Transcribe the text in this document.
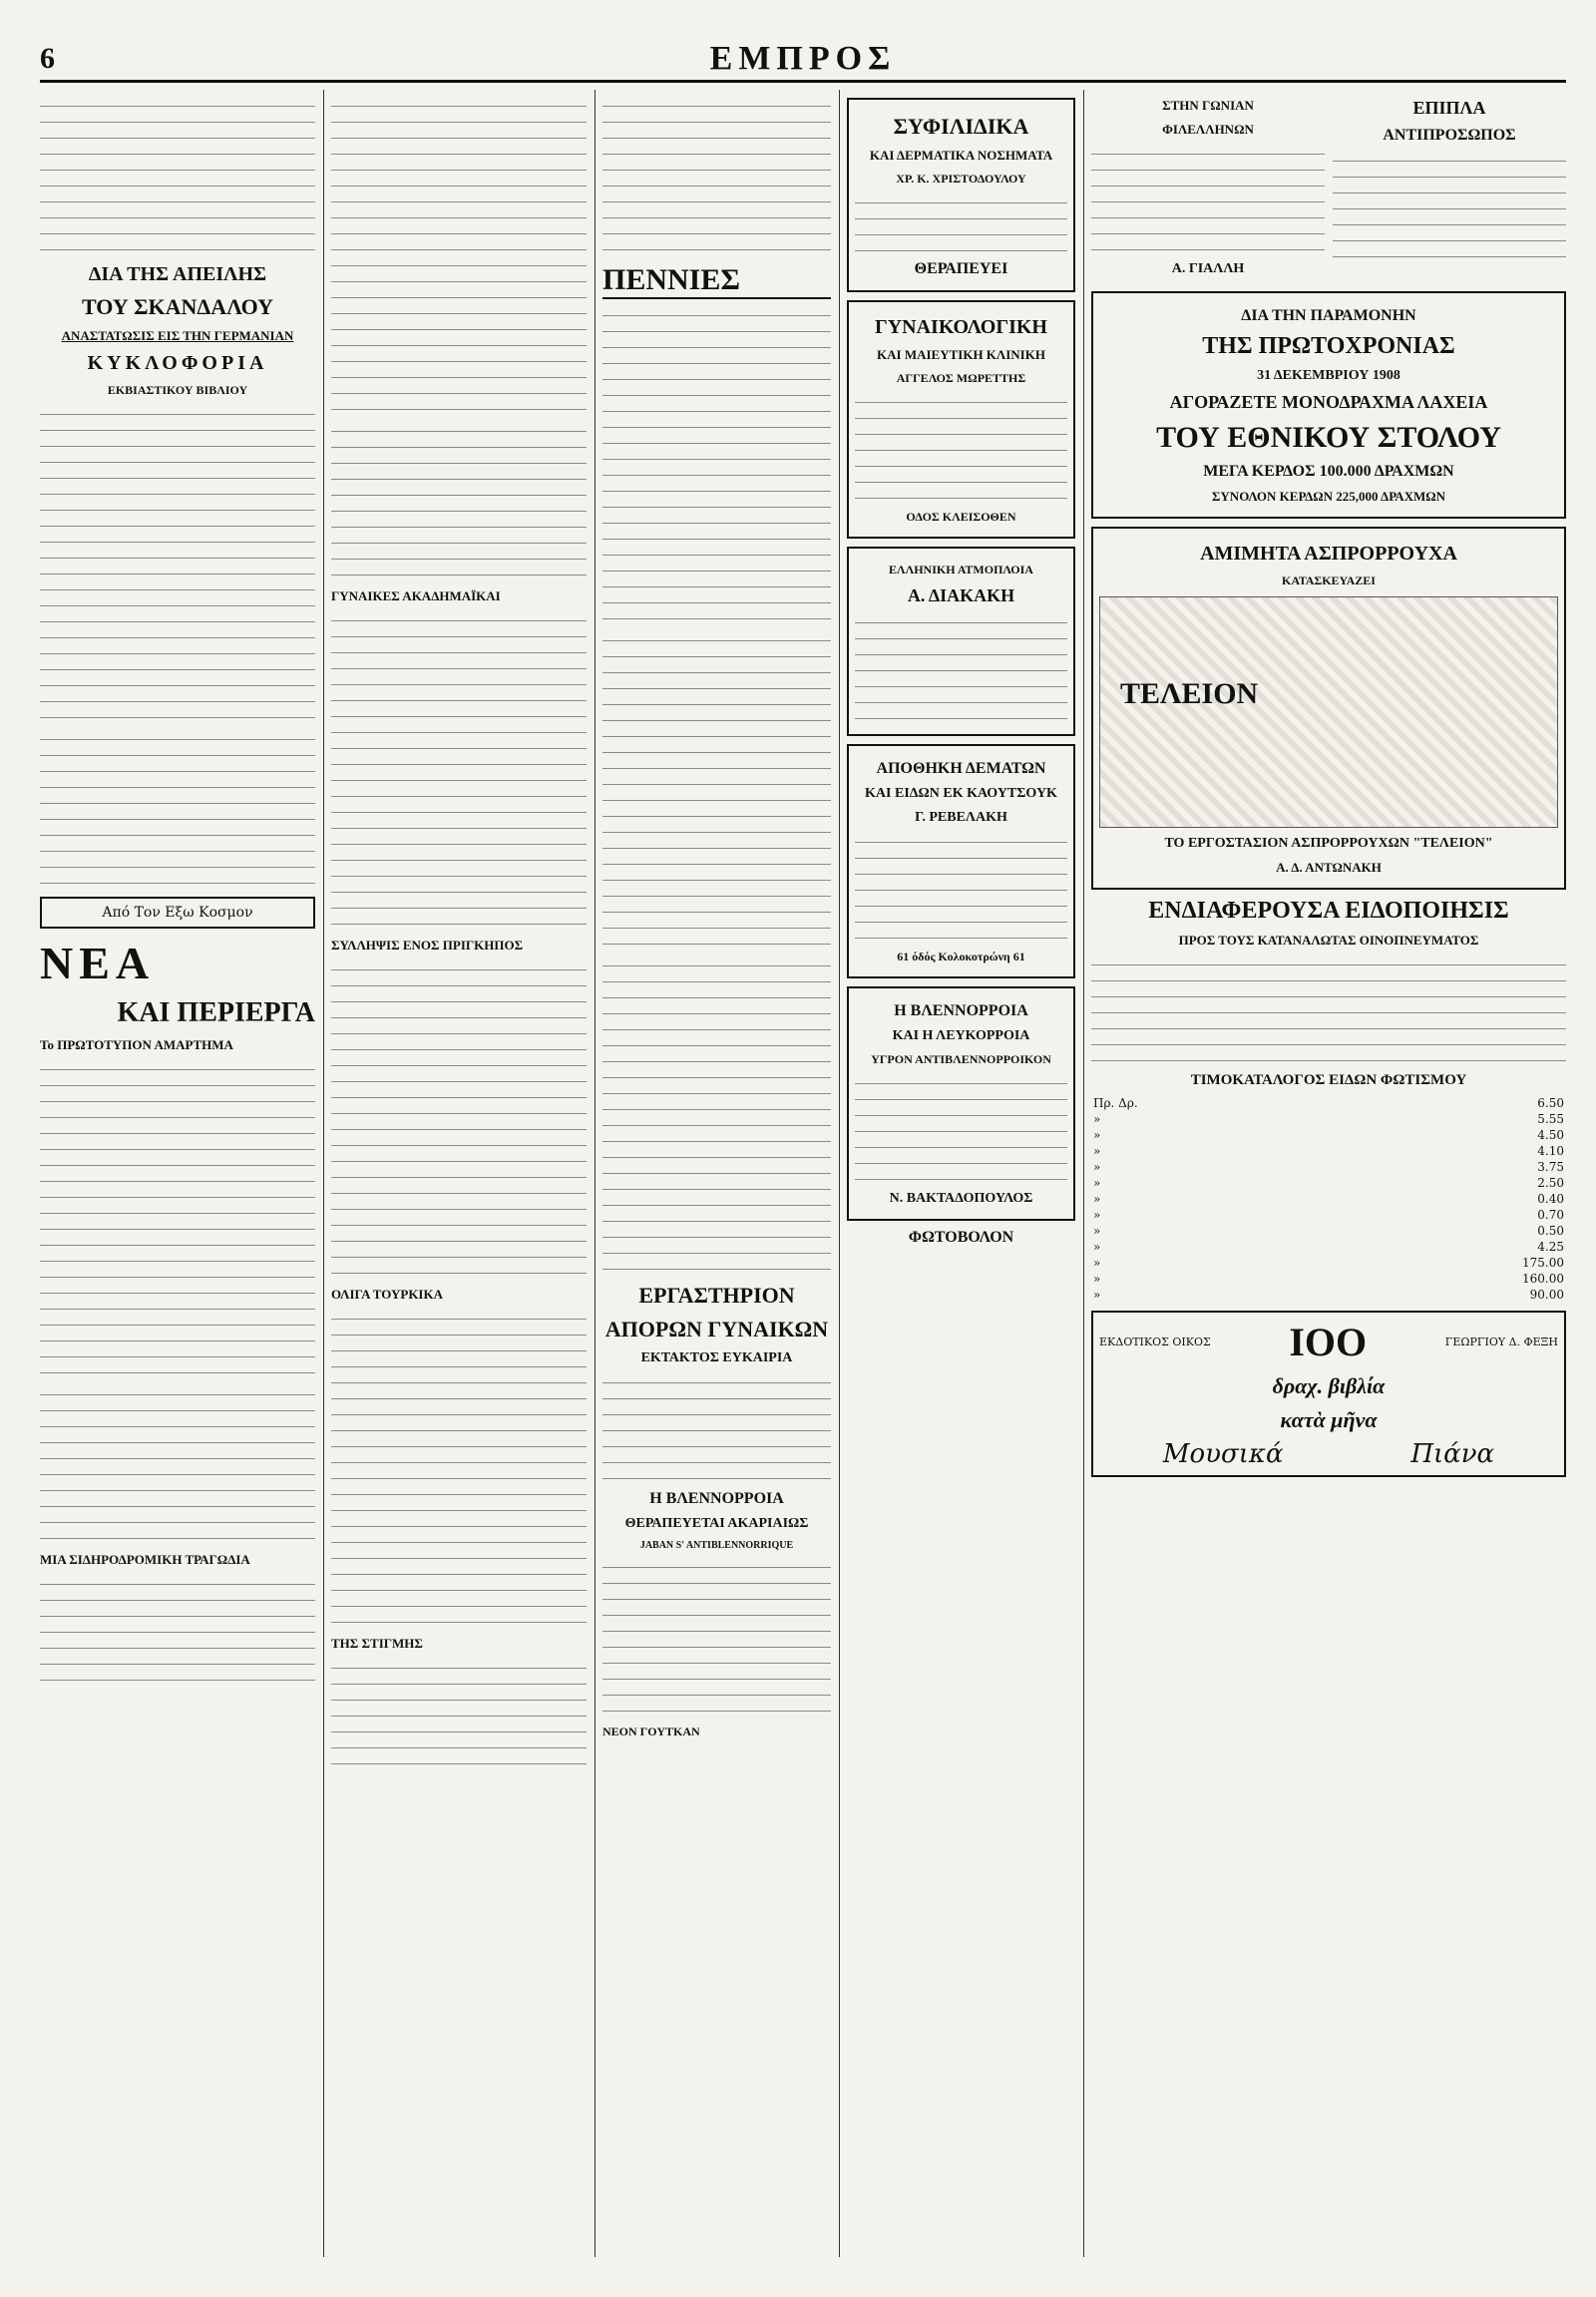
6	ΕΜΠΡΟΣ
ΔΙΑ ΤΗΣ ΑΠΕΙΛΗΣ
ΤΟΥ ΣΚΑΝΔΑΛΟΥ
ΑΝΑΣΤΑΤΩΣΙΣ ΕΙΣ ΤΗΝ ΓΕΡΜΑΝΙΑΝ
ΚΥΚΛΟΦΟΡΙΑ
ΕΚΒΙΑΣΤΙΚΟΥ ΒΙΒΛΙΟΥ
Από Τον Εξω Κοσμον
ΝΕΑ
ΚΑΙ ΠΕΡΙΕΡΓΑ
Το ΠΡΩΤΟΤΥΠΟΝ ΑΜΑΡΤΗΜΑ
ΜΙΑ ΣΙΔΗΡΟΔΡΟΜΙΚΗ ΤΡΑΓΩΔΙΑ
ΓΥΝΑΙΚΕΣ ΑΚΑΔΗΜΑΪΚΑΙ
ΣΥΛΛΗΨΙΣ ΕΝΟΣ ΠΡΙΓΚΗΠΟΣ
ΟΛΙΓΑ ΤΟΥΡΚΙΚΑ
ΤΗΣ ΣΤΙΓΜΗΣ
ΠΕΝΝΙΕΣ
ΕΡΓΑΣΤΗΡΙΟΝ
ΑΠΟΡΩΝ ΓΥΝΑΙΚΩΝ
ΕΚΤΑΚΤΟΣ ΕΥΚΑΙΡΙΑ
Η ΒΛΕΝΝΟΡΡΟΙΑ
ΘΕΡΑΠΕΥΕΤΑΙ ΑΚΑΡΙΑΙΩΣ
JABAN S' ANTIBLENNORRIQUE
ΝΕΟΝ ΓΟΥΤΚΑΝ
ΣΥΦΙΛΙΔΙΚΑ
ΚΑΙ ΔΕΡΜΑΤΙΚΑ ΝΟΣΗΜΑΤΑ
ΧΡ. Κ. ΧΡΙΣΤΟΔΟΥΛΟΥ
ΘΕΡΑΠΕΥΕΙ
ΓΥΝΑΙΚΟΛΟΓΙΚΗ
ΚΑΙ ΜΑΙΕΥΤΙΚΗ ΚΛΙΝΙΚΗ
ΑΓΓΕΛΟΣ ΜΩΡΕΤΤΗΣ
ΟΔΟΣ ΚΛΕΙΣΟΘΕΝ
ΕΛΛΗΝΙΚΗ ΑΤΜΟΠΛΟΙΑ
Α. ΔΙΑΚΑΚΗ
ΑΠΟΘΗΚΗ ΔΕΜΑΤΩΝ
ΚΑΙ ΕΙΔΩΝ ΕΚ ΚΑΟΥΤΣΟΥΚ
Γ. ΡΕΒΕΛΑΚΗ
61 όδός Κολοκοτρώνη 61
Η ΒΛΕΝΝΟΡΡΟΙΑ
ΚΑΙ Η ΛΕΥΚΟΡΡΟΙΑ
ΥΓΡΟΝ ΑΝΤΙΒΛΕΝΝΟΡΡΟΙΚΟΝ
Ν. ΒΑΚΤΑΔΟΠΟΥΛΟΣ
ΦΩΤΟΒΟΛΟΝ
ΣΤΗΝ ΓΩΝΙΑΝ
ΦΙΛΕΛΛΗΝΩΝ
Α. ΓΙΑΛΛΗ
ΕΠΙΠΛΑ
ΑΝΤΙΠΡΟΣΩΠΟΣ
ΔΙΑ ΤΗΝ ΠΑΡΑΜΟΝΗΝ
ΤΗΣ ΠΡΩΤΟΧΡΟΝΙΑΣ
31 ΔΕΚΕΜΒΡΙΟΥ 1908
ΑΓΟΡΑΖΕΤΕ ΜΟΝΟΔΡΑΧΜΑ ΛΑΧΕΙΑ
ΤΟΥ ΕΘΝΙΚΟΥ ΣΤΟΛΟΥ
ΜΕΓΑ ΚΕΡΔΟΣ 100.000 ΔΡΑΧΜΩΝ
ΣΥΝΟΛΟΝ ΚΕΡΔΩΝ 225,000 ΔΡΑΧΜΩΝ
ΑΜΙΜΗΤΑ ΑΣΠΡΟΡΡΟΥΧΑ
ΚΑΤΑΣΚΕΥΑΖΕΙ
ΤΕΛΕΙΟΝ
ΤΟ ΕΡΓΟΣΤΑΣΙΟΝ ΑΣΠΡΟΡΡΟΥΧΩΝ "ΤΕΛΕΙΟΝ"
Α. Δ. ΑΝΤΩΝΑΚΗ
ΕΝΔΙΑΦΕΡΟΥΣΑ ΕΙΔΟΠΟΙΗΣΙΣ
ΠΡΟΣ ΤΟΥΣ ΚΑΤΑΝΑΛΩΤΑΣ ΟΙΝΟΠΝΕΥΜΑΤΟΣ
ΤΙΜΟΚΑΤΑΛΟΓΟΣ ΕΙΔΩΝ ΦΩΤΙΣΜΟΥ
Πρ. Δρ.	6.50
»	5.55
»	4.50
»	4.10
»	3.75
»	2.50
»	0.40
»	0.70
»	0.50
»	4.25
»	175.00
»	160.00
»	90.00
ΕΚΔΟΤΙΚΟΣ ΟΙΚΟΣ ΙΟΟ	ΓΕΩΡΓΙΟΥ Δ. ΦΕΞΗ
δραχ. βιβλία
κατὰ μῆνα
Μουσικά	Πιάνα
